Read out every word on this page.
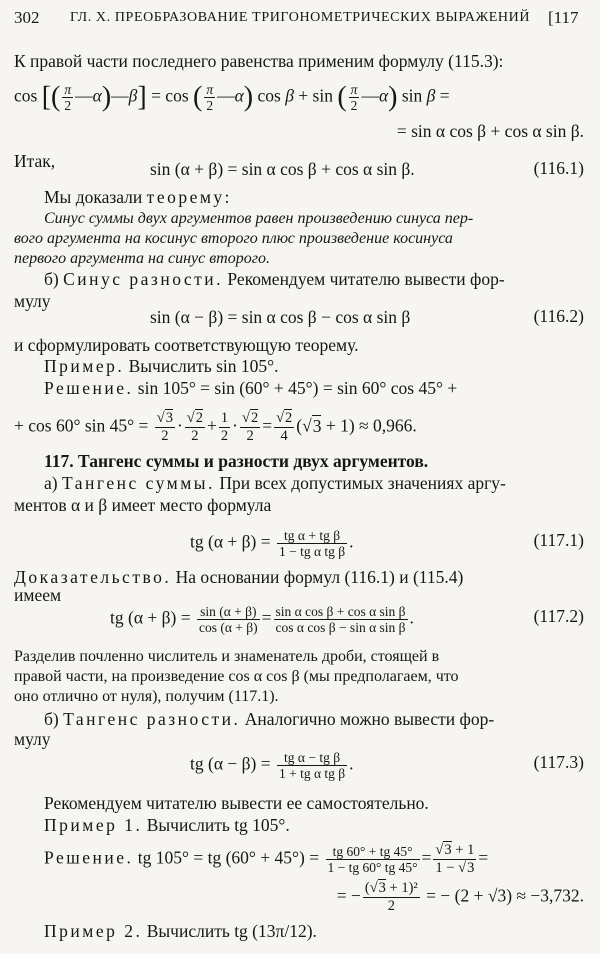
302 ГЛ. X. ПРЕОБРАЗОВАНИЕ ТРИГОНОМЕТРИЧЕСКИХ ВЫРАЖЕНИЙ [117
К правой части последнего равенства применим формулу (115.3):
cos [( $\frac{\pi}{2}$ —α)—β] = cos ( $\frac{\pi}{2}$ —α) cos β + sin ( $\frac{\pi}{2}$ —α) sin β =
= sin α cos β + cos α sin β.
Итак,	sin (α + β) = sin α cos β + cos α sin β.	(116.1)
Мы доказали теорему:
Синус суммы двух аргументов равен произведению синуса пер-
вого аргумента на косинус второго плюс произведение косинуса
первого аргумента на синус второго.
б) Синус разности. Рекомендуем читателю вывести фор-
мулу
sin (α − β) = sin α cos β − cos α sin β	(116.2)
и сформулировать соответствующую теорему.
Пример. Вычислить sin 105°.
Решение. sin 105° = sin (60° + 45°) = sin 60° cos 45° +
+ cos 60° $\sin 45^\circ = \frac{√3}{2} \cdot \frac{√2}{2} + \frac{1}{2} \cdot \frac{√2}{2} = \frac{√2}{4} (√3 + 1) \approx 0,966$.
117. Тангенс суммы и разности двух аргументов.
а) Тангенс суммы. При всех допустимых значениях аргу-
ментов α и β имеет место формула
tg $(\alpha + \beta) = \frac{\text{tg α + tg β}}{\text{1 − tg α tg β}}$ .	(117.1)
Доказательство. На основании формул (116.1) и (115.4)
имеем
tg $(\alpha + \beta) = \frac{\sin (\alpha + \beta)}{\cos (\alpha + \beta)} = \frac{\text{sin α cos β + cos α sin β}}{\text{cos α cos β − sin α sin β}}$ .	(117.2)
Разделив почленно числитель и знаменатель дроби, стоящей в
правой части, на произведение cos α cos β (мы предполагаем, что
оно отлично от нуля), получим (117.1).
б) Тангенс разности. Аналогично можно вывести фор-
мулу
tg $(\alpha - \beta) = \frac{\text{tg α − tg β}}{\text{1 + tg α tg β}}$ .	(117.3)
Рекомендуем читателю вывести ее самостоятельно.
Пример 1. Вычислить tg 105°.
Решение. tg 105° = tg $(60^\circ + 45^\circ) = \frac{tg 60^\circ + tg 45^\circ}{1 - tg 60^\circ tg 45^\circ} = \frac{√3 + 1}{1 - √3}$ =
= − $\frac{\text{(√3 + 1)²}}{2}$ = − (2 + √3) ≈ −3,732.
Пример 2. Вычислить tg (13π/12).
